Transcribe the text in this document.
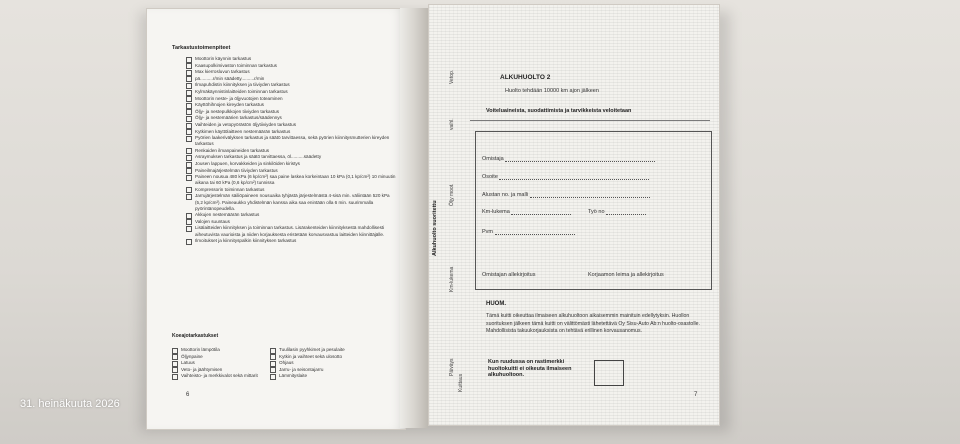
Tarkastustoimenpiteet
Moottorin käynnin tarkastus
Kaasupolkimivaston toiminnan tarkastus
Max kierrosluvun tarkastus
pä..........r/min säädetty..........r/min
Ilmapuhdistin kiinnityksen ja tiiviyden tarkastus
Kylmäkäynnistinlaitteiden toiminnan tarkastus
Moottorin neste- ja öljyvuotojen toteaminen
Käyttöhihnojen kireyden tarkastus
Öljy- ja nestepulkkojen tiiviyden tarkastus
Öljy- ja nestemäärien tarkastus/säädennys
Vaihteiden ja vetopyörästön öljytiiviyden tarkastus
Kytkimen käyttölaitteen nestemäärän tarkastus
Pyörien laakerivälyksen tarkastus ja säätö tarvittaessa, sekä pyörien kiinnitysmutterien kireyden tarkastus
Renkaiden ilmanpaineiden tarkastus
Asraymuksen tarkastus ja säätö tarvittaessa, öl..........säädetty
Jousen lappuen, korvakkeiden ja sinkilöiden kiristys
Paineilmajärjestelmän tiiviyden tarkastus
Paineen nousua 480 kPa (6 kp/cm²) saa paine laskea korkeintaan 10 kPa (0,1 kp/cm²) 10 minuutin aikana tai 60 kPa (0,6 kp/cm²) tunnissa
Kompressorin toiminnan tarkastus
Jarrujärjestelmän säiliöpaineen nousuaika tyhjästä järjestelmästä 4-sisä min. väliintään 520 kPa (5,2 kp/cm²). Paineaukko yhdistelmän kanssa aika saa enintään olla 6 min. suurimmalla pyörintänopeudella.
Akkujen nestemäärän tarkastus
Valojen suuntaus
Lisälaitteiden kiinnityksen ja toiminnan tarkastus. Lisärakenteiden kiinnityksestä mahdollisesti aiheutuvista vaurioista ja niiden korjauksesta eristetään korvausvastuu laitteiden kiinnittäjälle.
Ilmoitukset ja kiinnityspalkin kiinnityksen tarkastus
Koeajotarkastukset
Moottorin lämpötila
Öljynpaine
Latuus
Veto- ja jäähtymisen
Vaihteisto- ja merkkivalot sekä mittarit
Tuulilasin pyyhkimet ja pesulaite
Kytkin ja vaihteet sekä ulosotto
Ohjaus
Jarru- ja seisontajarru
Lämmityslaite
6
ALKUHUOLTO 2
Huolto tehdään 10000 km ajon jälkeen
Voiteluaineista, suodattimista ja tarvikkeista veloitetaan
Vetop.
vaihl.
Alkuhuolto suoritettu
Öljy moot.
Km-lukema
Päiväys
Kuittaus
Omistaja
Osoite
Alustan no. ja malli
Km-lukema	Työ no
Pvm
Omistajan allekirjoitus	Korjaamon leima ja allekirjoitus
HUOM.
Tämä kuitti oikeuttaa ilmaiseen alkuhuoltoon aikaisemmin mainituin edellytyksin. Huollon suorituksen jälkeen tämä kuitti on välittömästi lähetettävä Oy Sisu-Auto Ab:n huolto-osastolle. Mahdollisista takuukorjauksista on tehtävä erillinen korvausanomus.
Kun ruudussa on rastimerkki huoltokuitti ei oikeuta ilmaiseen alkuhuoltoon.
7
31. heinäkuuta 2026
